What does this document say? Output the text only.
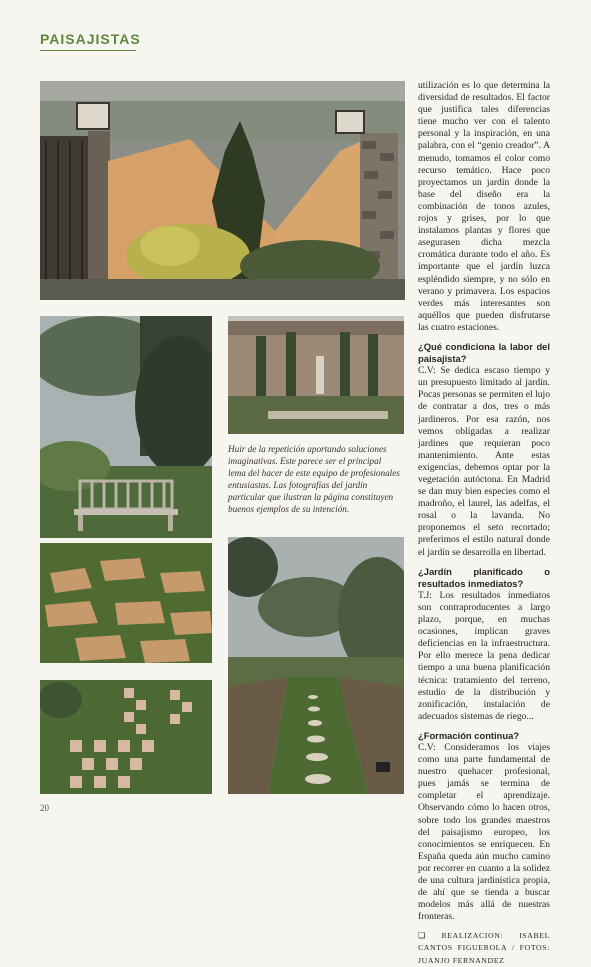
PAISAJISTAS
Huir de la repetición aportando soluciones imaginativas. Este parece ser el principal lema del hacer de este equipo de profesionales entusiastas. Las fotografías del jardín particular que ilustran la página constituyen buenos ejemplos de su intención.

utilización es lo que determina la diversidad de resultados. El factor que justifica tales diferencias tiene mucho ver con el talento personal y la inspiración, en una palabra, con el “genio creador”. A menudo, tomamos el color como recurso temático. Hace poco proyectamos un jardín donde la base del diseño era la combinación de tonos azules, rojos y grises, por lo que instalamos plantas y flores que asegurasen dicha mezcla cromática durante todo el año. Es importante que el jardín luzca espléndido siempre, y no sólo en verano y primavera. Los espacios verdes más interesantes son aquéllos que pueden disfrutarse las cuatro estaciones.

¿Qué condiciona la labor del paisajista?

C.V: Se dedica escaso tiempo y un presupuesto limitado al jardín. Pocas personas se permiten el lujo de contratar a dos, tres o más jardineros. Por esa razón, nos vemos obligadas a realizar jardines que requieran poco mantenimiento. Ante estas exigencias, debemos optar por la vegetación autóctona. En Madrid se dan muy bien especies como el madroño, el laurel, las adelfas, el rosal o la lavanda. No proponemos el seto recortado; preferimos el estilo natural donde el jardín se desarrolla en libertad.

¿Jardín planificado o resultados inmediatos?

T.J: Los resultados inmediatos son contraproducentes a largo plazo, porque, en muchas ocasiones, implican graves deficiencias en la infraestructura. Por ello merece la pena dedicar tiempo a una buena planificación técnica: tratamiento del terreno, estudio de la distribución y zonificación, instalación de adecuados sistemas de riego...

¿Formación continua?

C.V: Consideramos los viajes como una parte fundamental de nuestro quehacer profesional, pues jamás se termina de completar el aprendizaje. Observando cómo lo hacen otros, sobre todo los grandes maestros del paisajismo europeo, los conocimientos se enriquecen. En España queda aún mucho camino por recorrer en cuanto a la solidez de una cultura jardinística propia, de ahí que se tienda a buscar modelos más allá de nuestras fronteras.

❏ REALIZACION: ISABEL CANTOS FIGUEROLA / FOTOS: JUANJO FERNANDEZ
20
